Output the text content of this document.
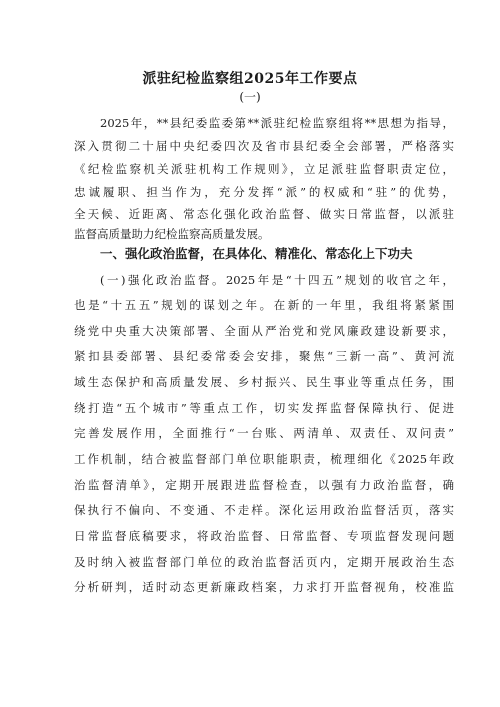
派驻纪检监察组2025年工作要点
(一)
2025年，**县纪委监委第**派驻纪检监察组将**思想为指导，
深入贯彻二十届中央纪委四次及省市县纪委全会部署，严格落实
《纪检监察机关派驻机构工作规则》，立足派驻监督职责定位，
忠诚履职、担当作为，充分发挥“派”的权威和“驻”的优势，
全天候、近距离、常态化强化政治监督、做实日常监督，以派驻
监督高质量助力纪检监察高质量发展。
一、强化政治监督，在具体化、精准化、常态化上下功夫
(一)强化政治监督。2025年是“十四五”规划的收官之年，
也是“十五五”规划的谋划之年。在新的一年里，我组将紧紧围
绕党中央重大决策部署、全面从严治党和党风廉政建设新要求，
紧扣县委部署、县纪委常委会安排，聚焦“三新一高”、黄河流
域生态保护和高质量发展、乡村振兴、民生事业等重点任务，围
绕打造“五个城市”等重点工作，切实发挥监督保障执行、促进
完善发展作用，全面推行“一台账、两清单、双责任、双问责”
工作机制，结合被监督部门单位职能职责，梳理细化《2025年政
治监督清单》，定期开展跟进监督检查，以强有力政治监督，确
保执行不偏向、不变通、不走样。深化运用政治监督活页，落实
日常监督底稿要求，将政治监督、日常监督、专项监督发现问题
及时纳入被监督部门单位的政治监督活页内，定期开展政治生态
分析研判，适时动态更新廉政档案，力求打开监督视角，校准监
